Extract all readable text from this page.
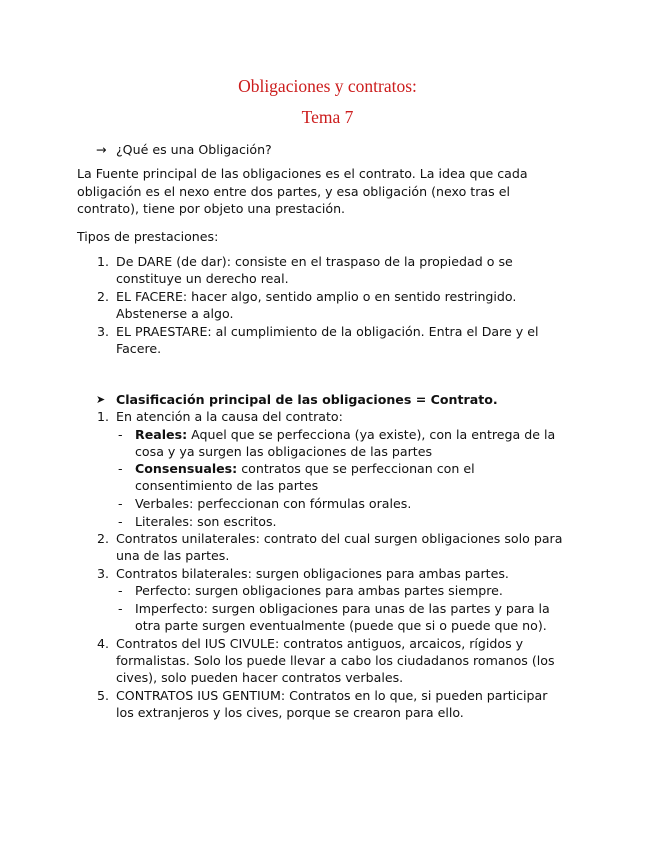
Obligaciones y contratos:
Tema 7
→ ¿Qué es una Obligación?
La Fuente principal de las obligaciones es el contrato. La idea que cada
obligación es el nexo entre dos partes, y esa obligación (nexo tras el
contrato), tiene por objeto una prestación.
Tipos de prestaciones:
1. De DARE (de dar): consiste en el traspaso de la propiedad o se
constituye un derecho real.
2. EL FACERE: hacer algo, sentido amplio o en sentido restringido.
Abstenerse a algo.
3. EL PRAESTARE: al cumplimiento de la obligación. Entra el Dare y el
Facere.
➤ Clasificación principal de las obligaciones = Contrato.
1. En atención a la causa del contrato:
- Reales: Aquel que se perfecciona (ya existe), con la entrega de la
cosa y ya surgen las obligaciones de las partes
- Consensuales: contratos que se perfeccionan con el
consentimiento de las partes
- Verbales: perfeccionan con fórmulas orales.
- Literales: son escritos.
2. Contratos unilaterales: contrato del cual surgen obligaciones solo para
una de las partes.
3. Contratos bilaterales: surgen obligaciones para ambas partes.
- Perfecto: surgen obligaciones para ambas partes siempre.
- Imperfecto: surgen obligaciones para unas de las partes y para la
otra parte surgen eventualmente (puede que si o puede que no).
4. Contratos del IUS CIVULE: contratos antiguos, arcaicos, rígidos y
formalistas. Solo los puede llevar a cabo los ciudadanos romanos (los
cives), solo pueden hacer contratos verbales.
5. CONTRATOS IUS GENTIUM: Contratos en lo que, si pueden participar
los extranjeros y los cives, porque se crearon para ello.
